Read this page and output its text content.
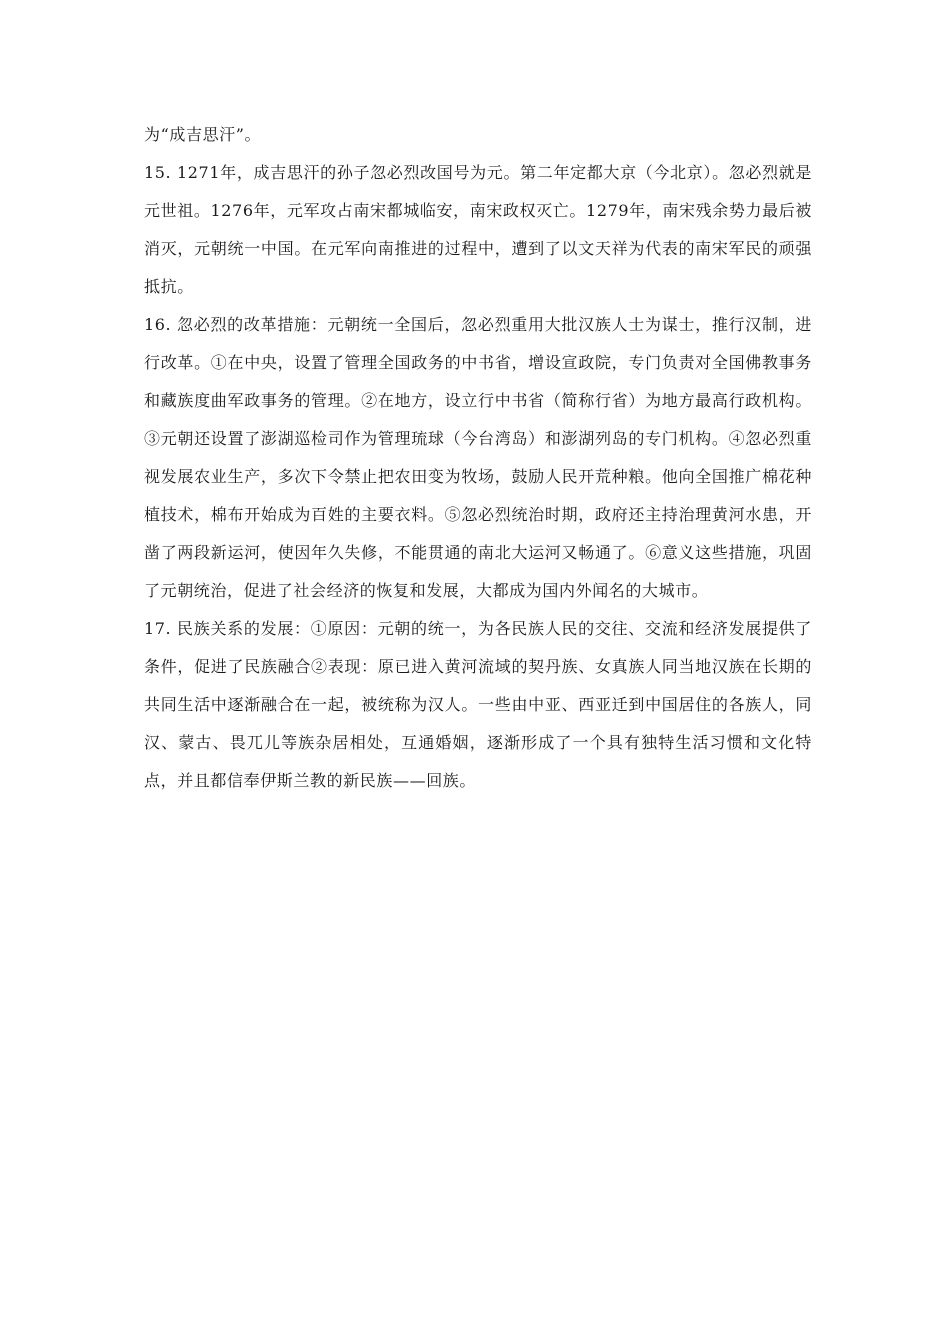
为“成吉思汗”。

15. 1271年，成吉思汗的孙子忽必烈改国号为元。第二年定都大京（今北京）。忽必烈就是元世祖。1276年，元军攻占南宋都城临安，南宋政权灭亡。1279年，南宋残余势力最后被消灭，元朝统一中国。在元军向南推进的过程中，遭到了以文天祥为代表的南宋军民的顽强抵抗。

16. 忽必烈的改革措施：元朝统一全国后，忽必烈重用大批汉族人士为谋士，推行汉制，进行改革。①在中央，设置了管理全国政务的中书省，增设宣政院，专门负责对全国佛教事务和藏族度曲军政事务的管理。②在地方，设立行中书省（简称行省）为地方最高行政机构。③元朝还设置了澎湖巡检司作为管理琉球（今台湾岛）和澎湖列岛的专门机构。④忽必烈重视发展农业生产，多次下令禁止把农田变为牧场，鼓励人民开荒种粮。他向全国推广棉花种植技术，棉布开始成为百姓的主要衣料。⑤忽必烈统治时期，政府还主持治理黄河水患，开凿了两段新运河，使因年久失修，不能贯通的南北大运河又畅通了。⑥意义这些措施，巩固了元朝统治，促进了社会经济的恢复和发展，大都成为国内外闻名的大城市。

17. 民族关系的发展：①原因：元朝的统一，为各民族人民的交往、交流和经济发展提供了条件，促进了民族融合②表现：原已进入黄河流域的契丹族、女真族人同当地汉族在长期的共同生活中逐渐融合在一起，被统称为汉人。一些由中亚、西亚迁到中国居住的各族人，同汉、蒙古、畏兀儿等族杂居相处，互通婚姻，逐渐形成了一个具有独特生活习惯和文化特点，并且都信奉伊斯兰教的新民族——回族。
